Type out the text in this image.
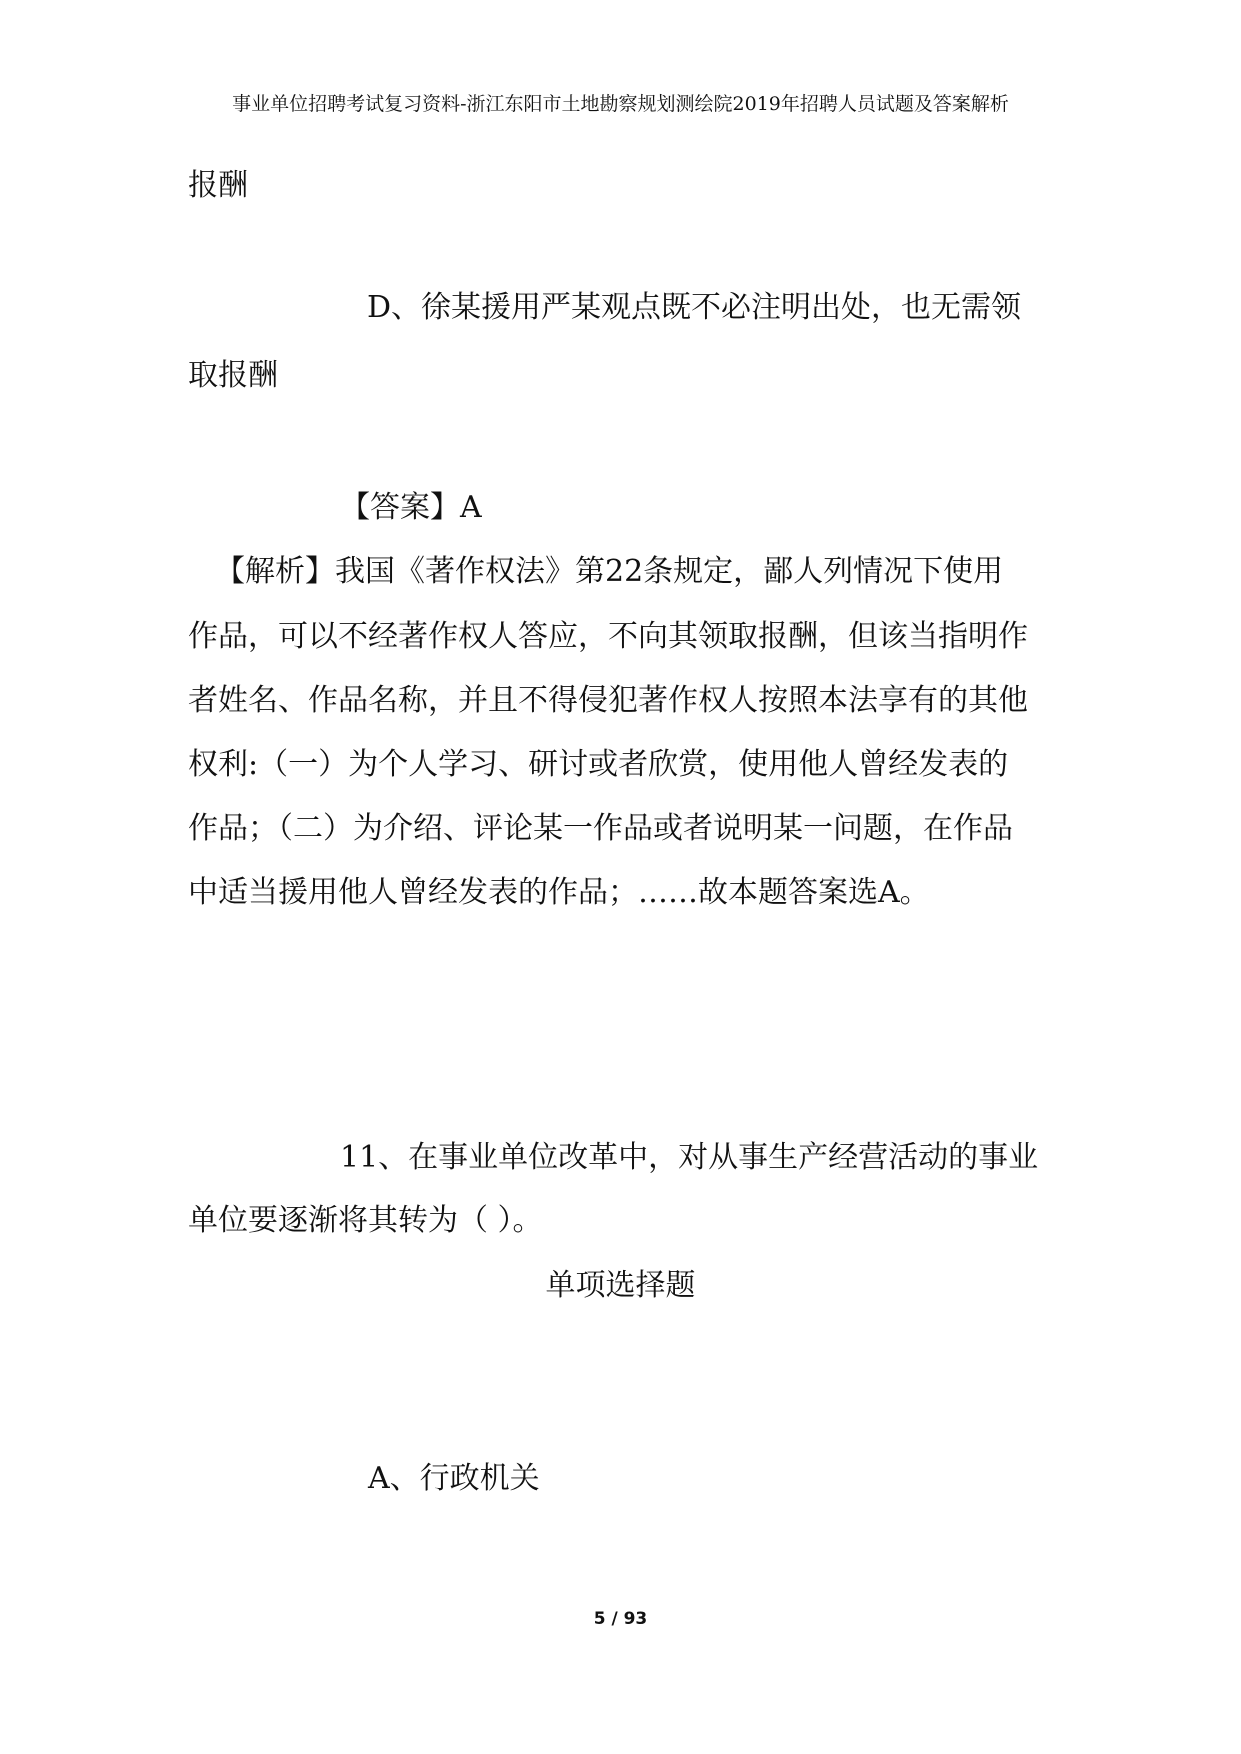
事业单位招聘考试复习资料-浙江东阳市土地勘察规划测绘院2019年招聘人员试题及答案解析
报酬
D、徐某援用严某观点既不必注明出处，也无需领
取报酬
【答案】A
【解析】我国《著作权法》第22条规定，鄙人列情况下使用
作品，可以不经著作权人答应，不向其领取报酬，但该当指明作
者姓名、作品名称，并且不得侵犯著作权人按照本法享有的其他
权利:（一）为个人学习、研讨或者欣赏，使用他人曾经发表的
作品；（二）为介绍、评论某一作品或者说明某一问题，在作品
中适当援用他人曾经发表的作品；……故本题答案选A。
11、在事业单位改革中，对从事生产经营活动的事业
单位要逐渐将其转为（ ）。
单项选择题
A、行政机关
5 / 93
